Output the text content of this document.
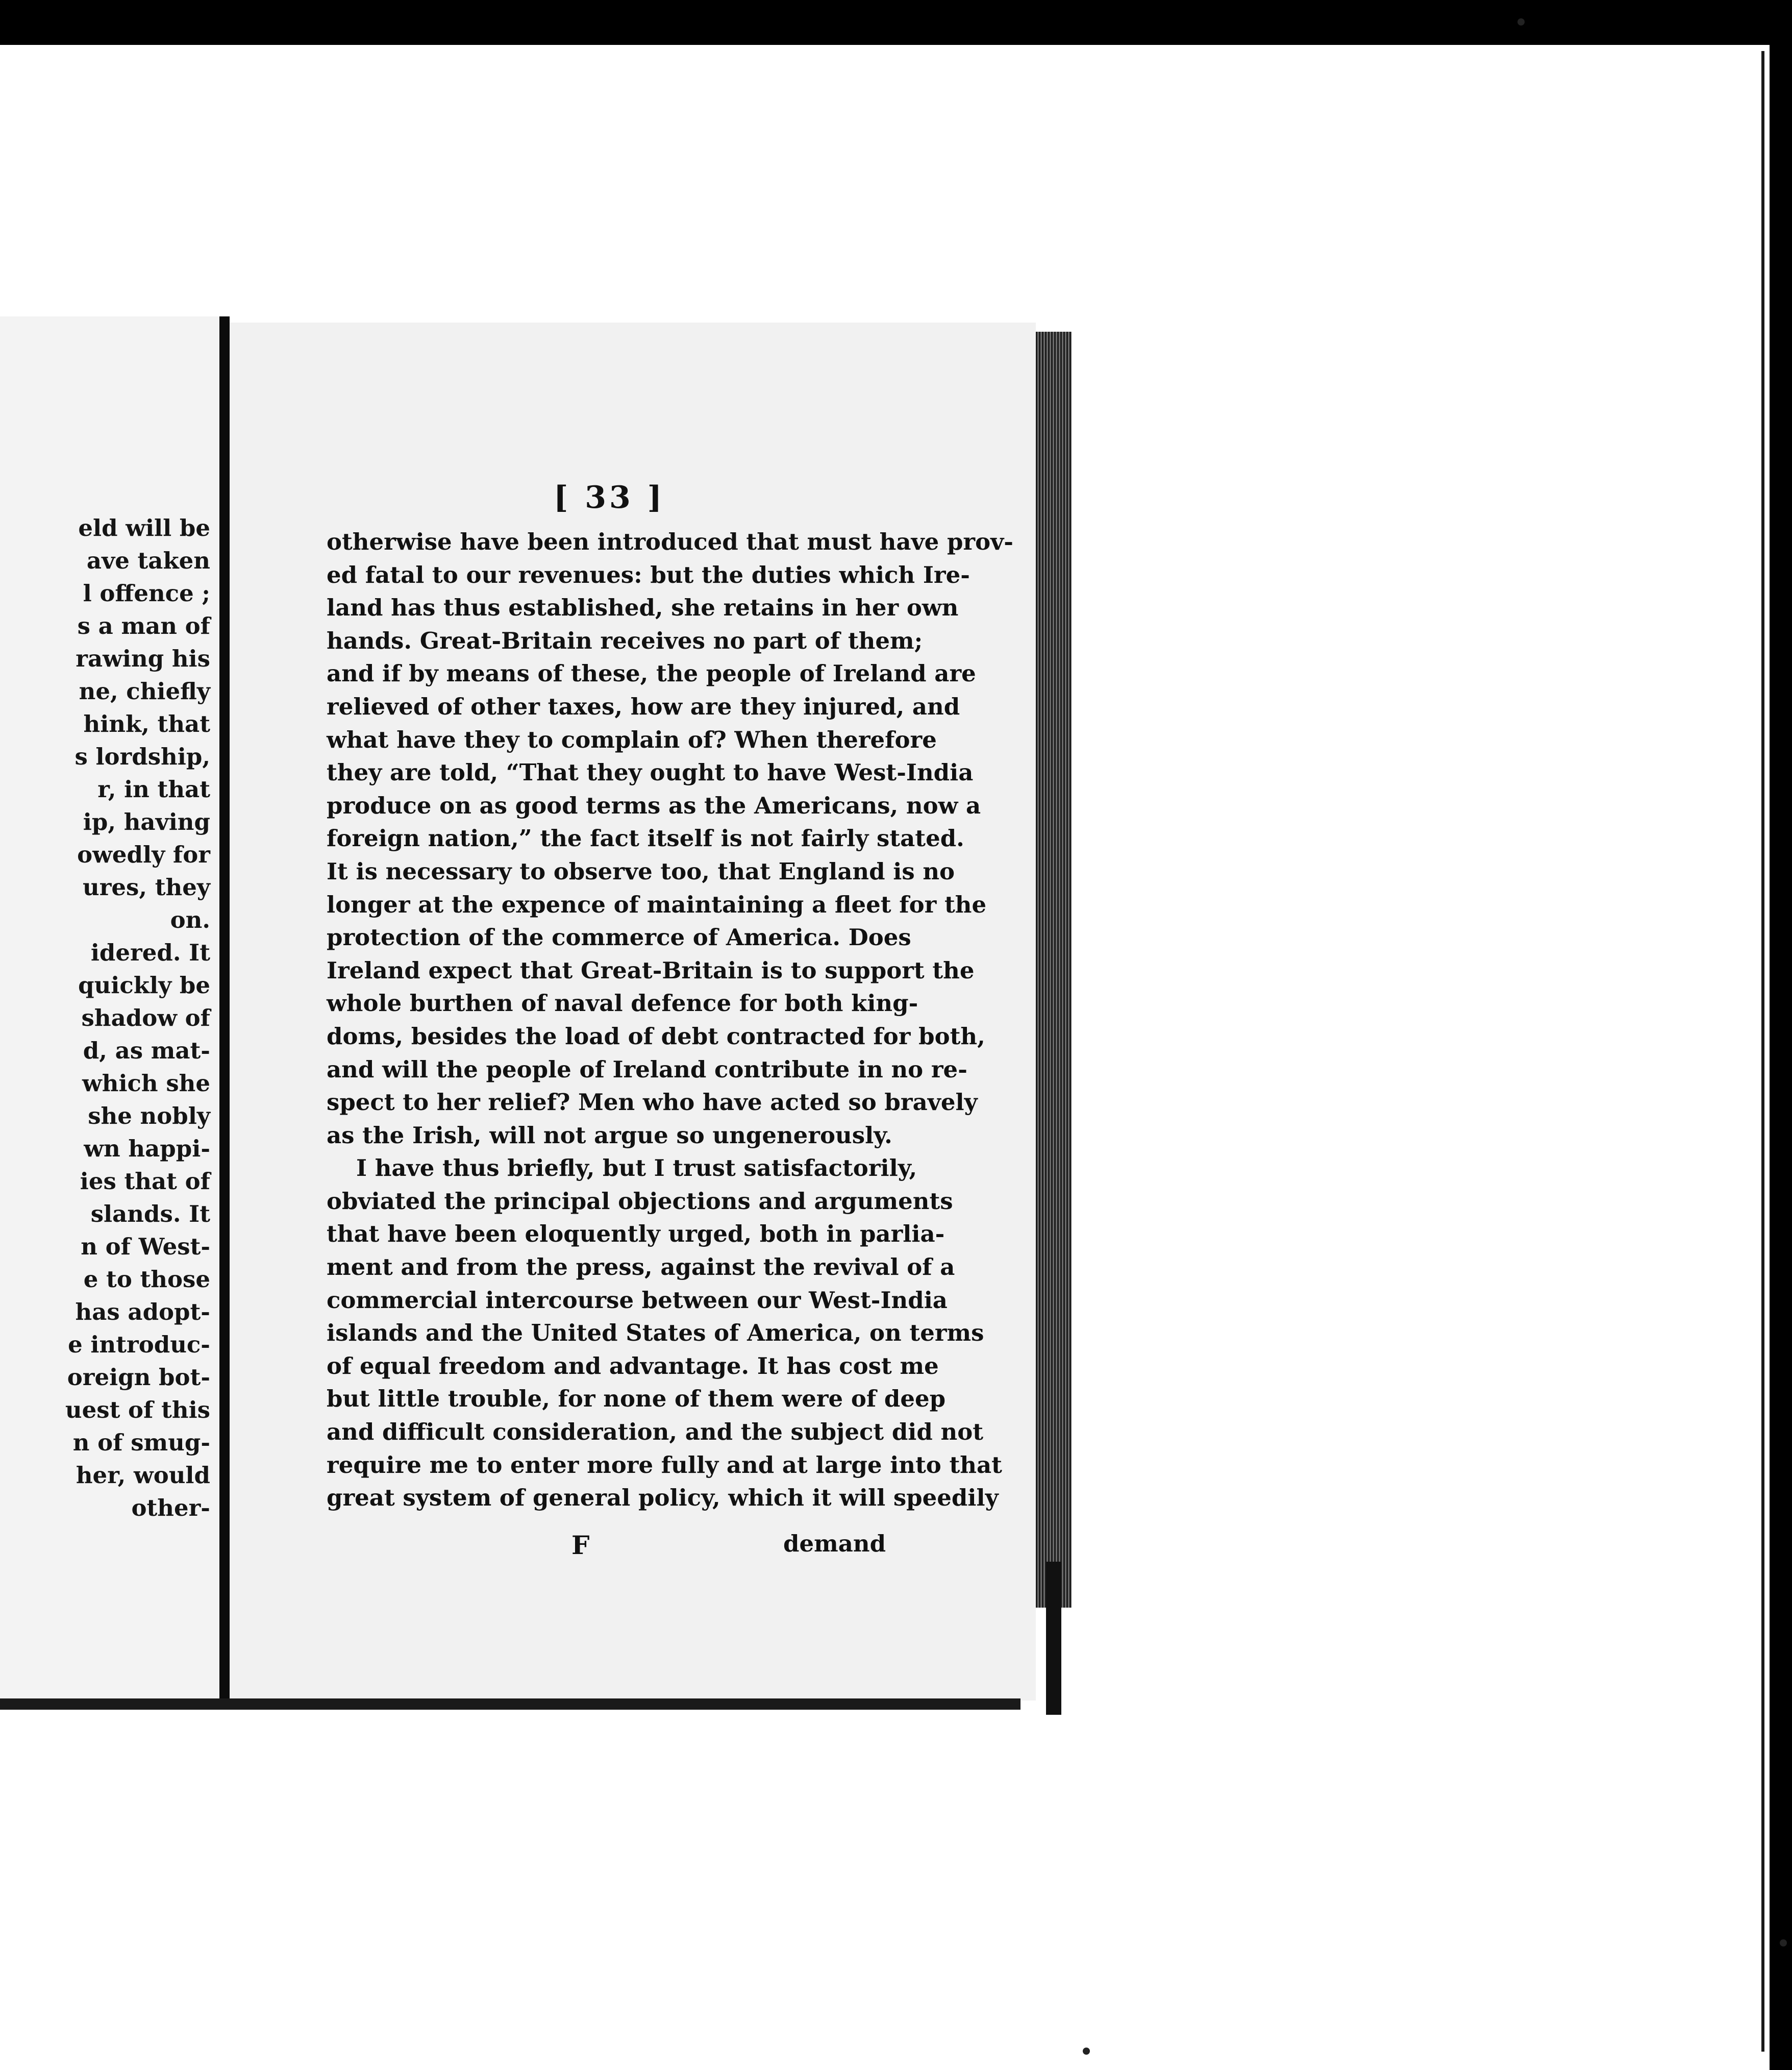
eld will be
ave taken
l offence ;
s a man of
rawing his
ne, chiefly
hink, that
s lordship,
r, in that
ip, having
owedly for
ures, they
on.
idered. It
quickly be
shadow of
d, as mat-
which she
she nobly
wn happi-
ies that of
slands. It
n of West-
e to those
has adopt-
e introduc-
oreign bot-
uest of this
n of smug-
her, would
other-
[ 33 ]
otherwise have been introduced that must have prov-
ed fatal to our revenues: but the duties which Ire-
land has thus established, she retains in her own
hands. Great-Britain receives no part of them;
and if by means of these, the people of Ireland are
relieved of other taxes, how are they injured, and
what have they to complain of? When therefore
they are told, “That they ought to have West-India
produce on as good terms as the Americans, now a
foreign nation,” the fact itself is not fairly stated.
It is necessary to observe too, that England is no
longer at the expence of maintaining a fleet for the
protection of the commerce of America. Does
Ireland expect that Great-Britain is to support the
whole burthen of naval defence for both king-
doms, besides the load of debt contracted for both,
and will the people of Ireland contribute in no re-
spect to her relief? Men who have acted so bravely
as the Irish, will not argue so ungenerously.
I have thus briefly, but I trust satisfactorily,
obviated the principal objections and arguments
that have been eloquently urged, both in parlia-
ment and from the press, against the revival of a
commercial intercourse between our West-India
islands and the United States of America, on terms
of equal freedom and advantage. It has cost me
but little trouble, for none of them were of deep
and difficult consideration, and the subject did not
require me to enter more fully and at large into that
great system of general policy, which it will speedily
F	demand
